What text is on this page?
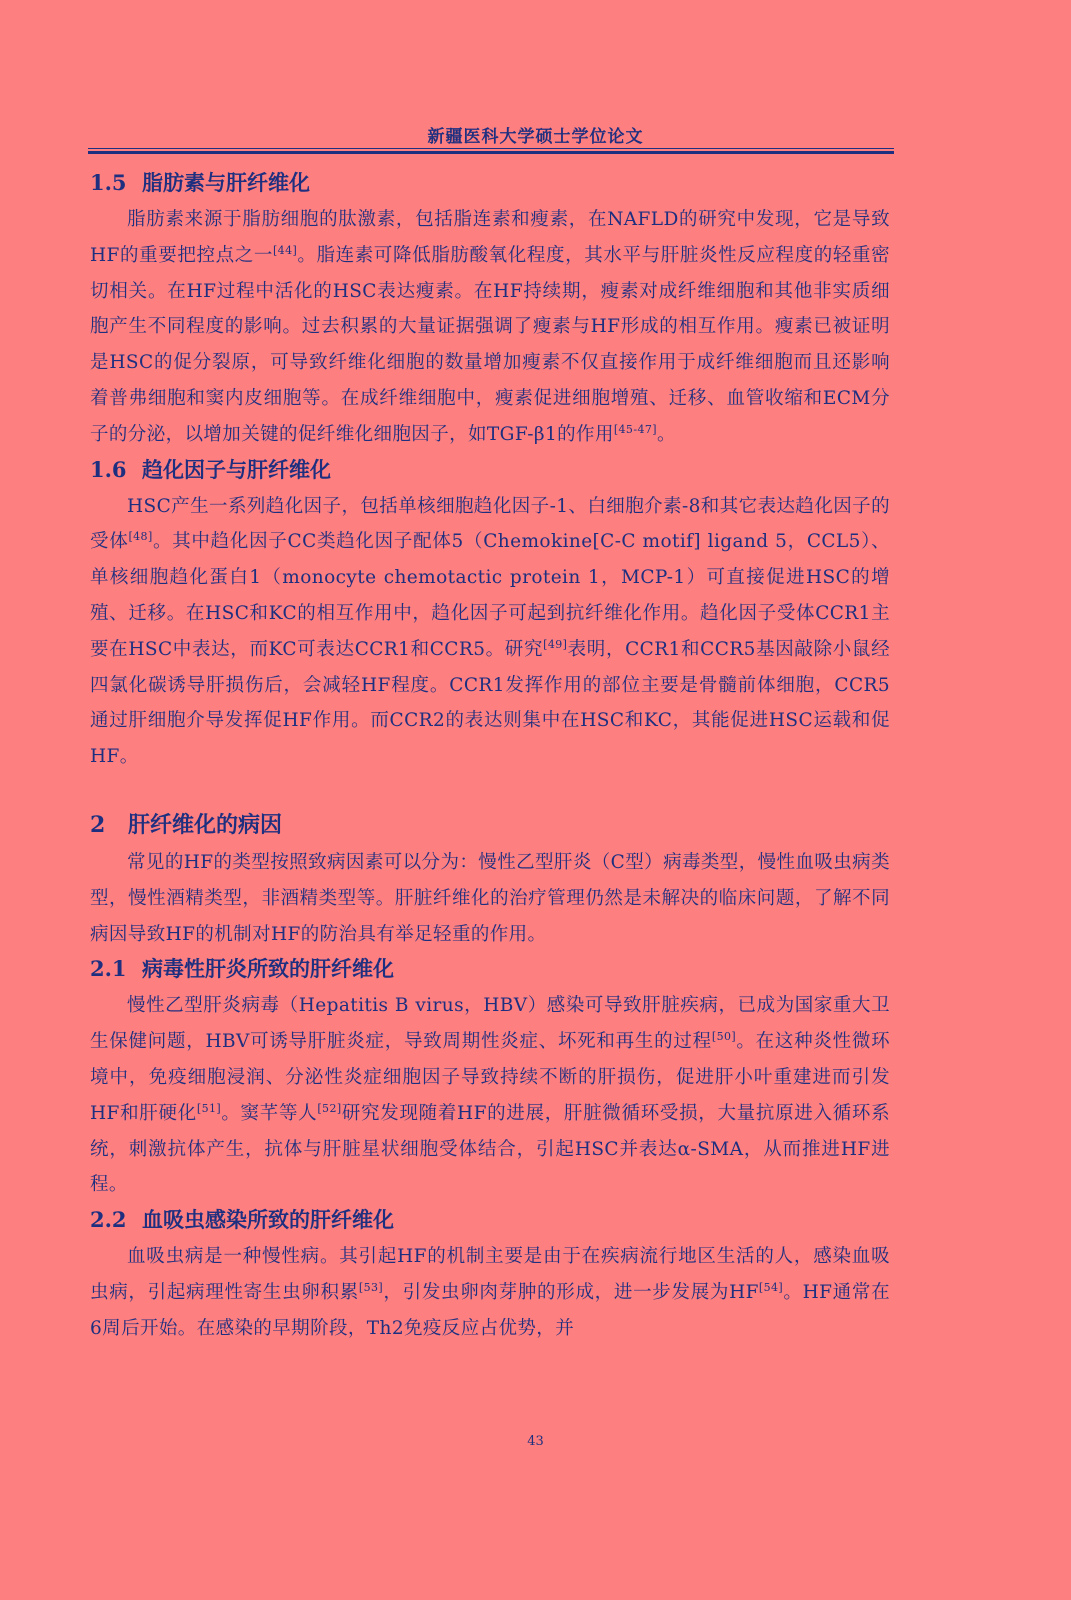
新疆医科大学硕士学位论文
1.5 脂肪素与肝纤维化

脂肪素来源于脂肪细胞的肽激素，包括脂连素和瘦素，在NAFLD的研究中发现，它是导致HF的重要把控点之一[44]。脂连素可降低脂肪酸氧化程度，其水平与肝脏炎性反应程度的轻重密切相关。在HF过程中活化的HSC表达瘦素。在HF持续期，瘦素对成纤维细胞和其他非实质细胞产生不同程度的影响。过去积累的大量证据强调了瘦素与HF形成的相互作用。瘦素已被证明是HSC的促分裂原，可导致纤维化细胞的数量增加瘦素不仅直接作用于成纤维细胞而且还影响着普弗细胞和窦内皮细胞等。在成纤维细胞中，瘦素促进细胞增殖、迁移、血管收缩和ECM分子的分泌，以增加关键的促纤维化细胞因子，如TGF-β1的作用[45-47]。

1.6 趋化因子与肝纤维化

HSC产生一系列趋化因子，包括单核细胞趋化因子-1、白细胞介素-8和其它表达趋化因子的受体[48]。其中趋化因子CC类趋化因子配体5（Chemokine[C-C motif] ligand 5，CCL5）、单核细胞趋化蛋白1（monocyte chemotactic protein 1，MCP-1）可直接促进HSC的增殖、迁移。在HSC和KC的相互作用中，趋化因子可起到抗纤维化作用。趋化因子受体CCR1主要在HSC中表达，而KC可表达CCR1和CCR5。研究[49]表明，CCR1和CCR5基因敲除小鼠经四氯化碳诱导肝损伤后，会减轻HF程度。CCR1发挥作用的部位主要是骨髓前体细胞，CCR5通过肝细胞介导发挥促HF作用。而CCR2的表达则集中在HSC和KC，其能促进HSC运载和促HF。

2 肝纤维化的病因

常见的HF的类型按照致病因素可以分为：慢性乙型肝炎（C型）病毒类型，慢性血吸虫病类型，慢性酒精类型，非酒精类型等。肝脏纤维化的治疗管理仍然是未解决的临床问题，了解不同病因导致HF的机制对HF的防治具有举足轻重的作用。

2.1 病毒性肝炎所致的肝纤维化

慢性乙型肝炎病毒（Hepatitis B virus，HBV）感染可导致肝脏疾病，已成为国家重大卫生保健问题，HBV可诱导肝脏炎症，导致周期性炎症、坏死和再生的过程[50]。在这种炎性微环境中，免疫细胞浸润、分泌性炎症细胞因子导致持续不断的肝损伤，促进肝小叶重建进而引发HF和肝硬化[51]。窦芊等人[52]研究发现随着HF的进展，肝脏微循环受损，大量抗原进入循环系统，刺激抗体产生，抗体与肝脏星状细胞受体结合，引起HSC并表达α-SMA，从而推进HF进程。

2.2 血吸虫感染所致的肝纤维化

血吸虫病是一种慢性病。其引起HF的机制主要是由于在疾病流行地区生活的人，感染血吸虫病，引起病理性寄生虫卵积累[53]，引发虫卵肉芽肿的形成，进一步发展为HF[54]。HF通常在6周后开始。在感染的早期阶段，Th2免疫反应占优势，并

43
